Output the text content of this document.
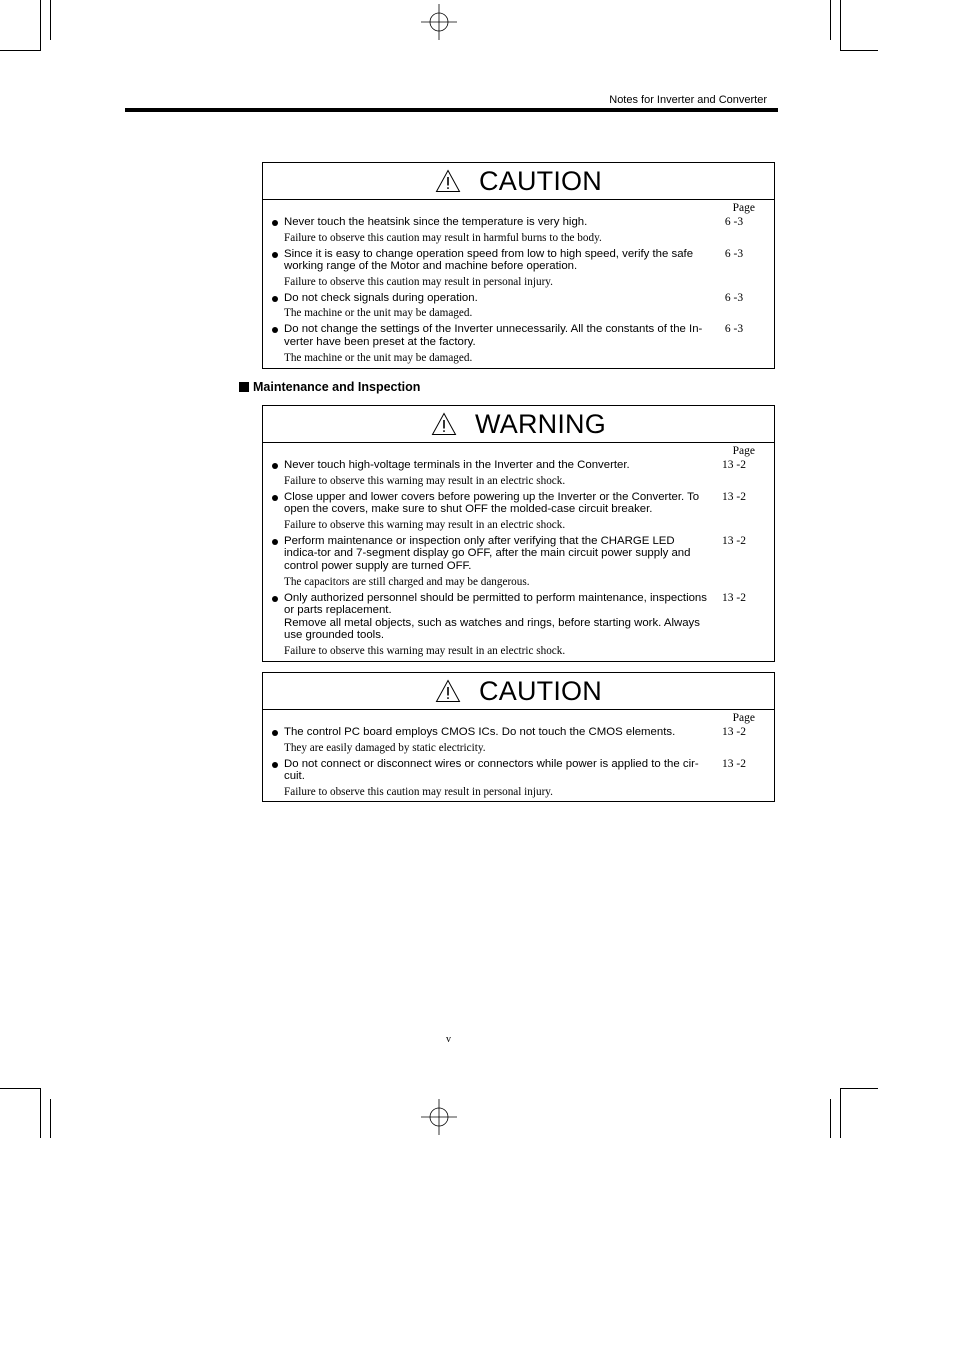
Notes for Inverter and Converter
CAUTION
Page
Never touch the heatsink since the temperature is very high.
Failure to observe this caution may result in harmful burns to the body.
6 -3
Since it is easy to change operation speed from low to high speed, verify the safe working range of the Motor and machine before operation.
Failure to observe this caution may result in personal injury.
6 -3
Do not check signals during operation.
The machine or the unit may be damaged.
6 -3
Do not change the settings of the Inverter unnecessarily. All the constants of the In-verter have been preset at the factory.
The machine or the unit may be damaged.
6 -3
Maintenance and Inspection
WARNING
Page
Never touch high-voltage terminals in the Inverter and the Converter.
Failure to observe this warning may result in an electric shock.
13 -2
Close upper and lower covers before powering up the Inverter or the Converter. To open the covers, make sure to shut OFF the molded-case circuit breaker.
Failure to observe this warning may result in an electric shock.
13 -2
Perform maintenance or inspection only after verifying that the CHARGE LED indica-tor and 7-segment display go OFF, after the main circuit power supply and control power supply are turned OFF.
The capacitors are still charged and may be dangerous.
13 -2
Only authorized personnel should be permitted to perform maintenance, inspections or parts replacement.
Remove all metal objects, such as watches and rings, before starting work. Always use grounded tools.
Failure to observe this warning may result in an electric shock.
13 -2
CAUTION
Page
The control PC board employs CMOS ICs. Do not touch the CMOS elements.
They are easily damaged by static electricity.
13 -2
Do not connect or disconnect wires or connectors while power is applied to the cir-cuit.
Failure to observe this caution may result in personal injury.
13 -2
v
